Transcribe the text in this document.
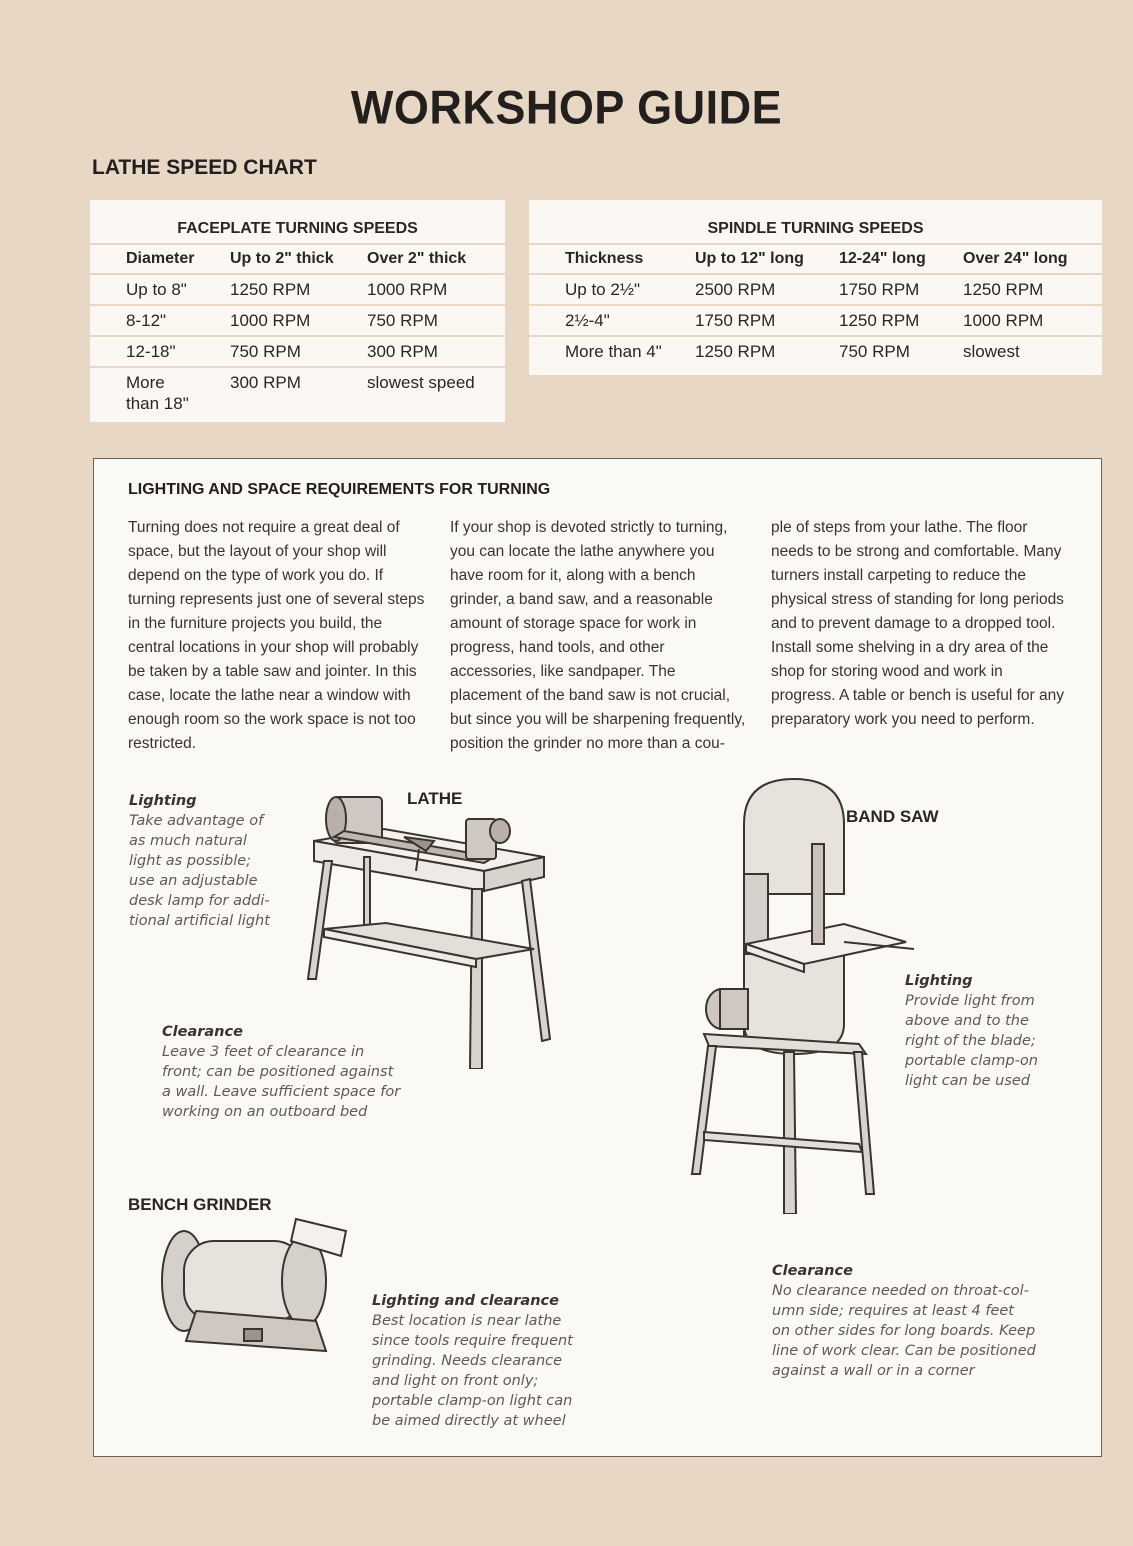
WORKSHOP GUIDE
LATHE SPEED CHART
FACEPLATE TURNING SPEEDS		
Diameter	Up to 2" thick	Over 2" thick
Up to 8"	1250 RPM	1000 RPM
8-12"	1000 RPM	750 RPM
12-18"	750 RPM	300 RPM
More than 18"	300 RPM	slowest speed
SPINDLE TURNING SPEEDS			
Thickness	Up to 12" long	12-24" long	Over 24" long
Up to 2½"	2500 RPM	1750 RPM	1250 RPM
2½-4"	1750 RPM	1250 RPM	1000 RPM
More than 4"	1250 RPM	750 RPM	slowest
LIGHTING AND SPACE REQUIREMENTS FOR TURNING
Turning does not require a great deal of space, but the layout of your shop will depend on the type of work you do. If turning represents just one of several steps in the furniture projects you build, the central locations in your shop will probably be taken by a table saw and jointer. In this case, locate the lathe near a window with enough room so the work space is not too restricted.
If your shop is devoted strictly to turning, you can locate the lathe anywhere you have room for it, along with a bench grinder, a band saw, and a reasonable amount of storage space for work in progress, hand tools, and other accessories, like sandpaper. The placement of the band saw is not crucial, but since you will be sharpening frequently, position the grinder no more than a cou-
ple of steps from your lathe. The floor needs to be strong and comfortable. Many turners install carpeting to reduce the physical stress of standing for long periods and to prevent damage to a dropped tool. Install some shelving in a dry area of the shop for storing wood and work in progress. A table or bench is useful for any preparatory work you need to perform.
LATHE
BAND SAW
BENCH GRINDER
Lighting
Take advantage of
as much natural
light as possible;
use an adjustable
desk lamp for addi-
tional artificial light
Clearance
Leave 3 feet of clearance in
front; can be positioned against
a wall. Leave sufficient space for
working on an outboard bed
Lighting
Provide light from
above and to the
right of the blade;
portable clamp-on
light can be used
Clearance
No clearance needed on throat-col-
umn side; requires at least 4 feet
on other sides for long boards. Keep
line of work clear. Can be positioned
against a wall or in a corner
Lighting and clearance
Best location is near lathe
since tools require frequent
grinding. Needs clearance
and light on front only;
portable clamp-on light can
be aimed directly at wheel
